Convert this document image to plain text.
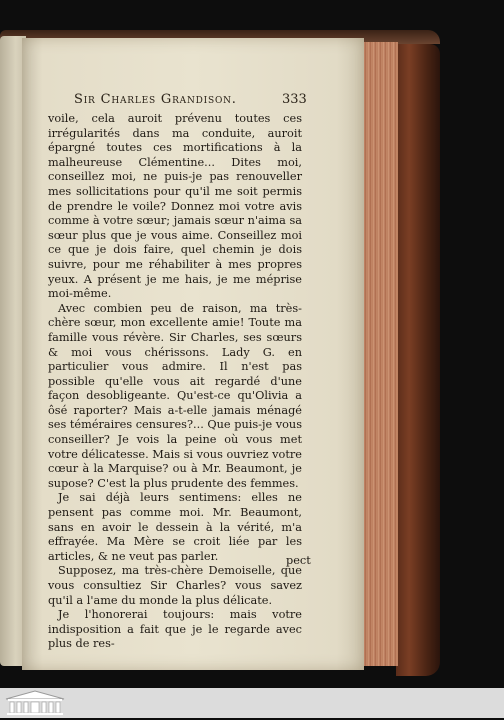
Sir Charles Grandison.	333

voile, cela auroit prévenu toutes ces irrégularités dans ma conduite, auroit épargné toutes ces mortifications à la malheureuse Clémentine... Dites moi, conseillez moi, ne puis-je pas renouveller mes sollicitations pour qu'il me soit permis de prendre le voile? Donnez moi votre avis comme à votre sœur; jamais sœur n'aima sa sœur plus que je vous aime. Conseillez moi ce que je dois faire, quel chemin je dois suivre, pour me réhabiliter à mes propres yeux. A présent je me hais, je me méprise moi-même.

Avec combien peu de raison, ma très-chère sœur, mon excellente amie! Toute ma famille vous révère. Sir Charles, ses sœurs & moi vous chérissons. Lady G. en particulier vous admire. Il n'est pas possible qu'elle vous ait regardé d'une façon desobligeante. Qu'est-ce qu'Olivia a ôsé raporter? Mais a-t-elle jamais ménagé ses téméraires censures?... Que puis-je vous conseiller? Je vois la peine où vous met votre délicatesse. Mais si vous ouvriez votre cœur à la Marquise? ou à Mr. Beaumont, je supose? C'est la plus prudente des femmes.

Je sai déjà leurs sentimens: elles ne pensent pas comme moi. Mr. Beaumont, sans en avoir le dessein à la vérité, m'a effrayée. Ma Mère se croit liée par les articles, & ne veut pas parler.

Supposez, ma très-chère Demoiselle, que vous consultiez Sir Charles? vous savez qu'il a l'ame du monde la plus délicate.

Je l'honorerai toujours: mais votre indisposition a fait que je le regarde avec plus de res-

pect
